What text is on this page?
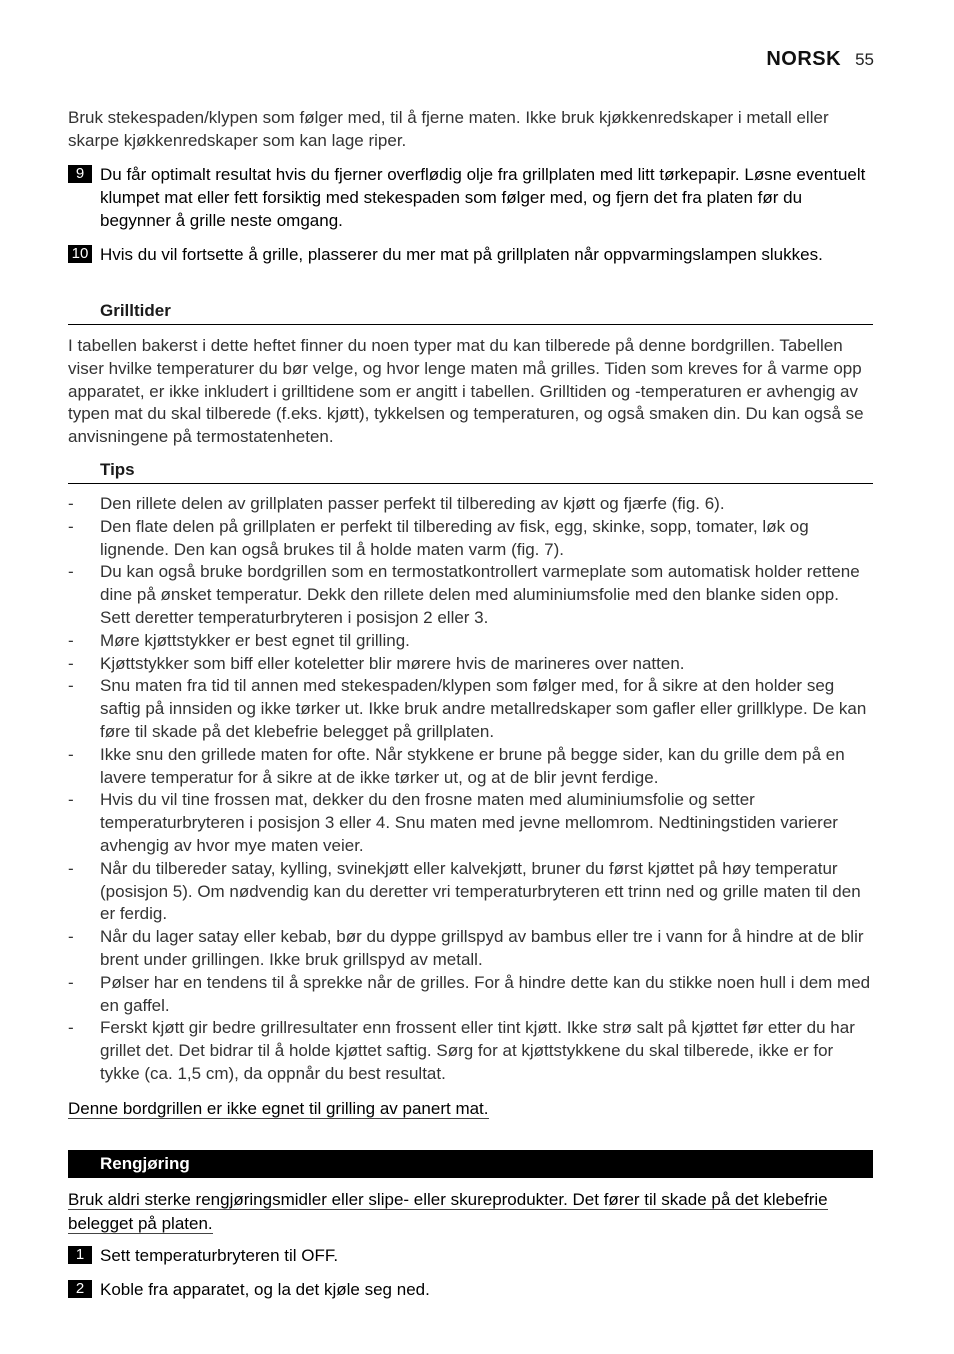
NORSK 55

Bruk stekespaden/klypen som følger med, til å fjerne maten. Ikke bruk kjøkkenredskaper i metall eller skarpe kjøkkenredskaper som kan lage riper.

9 Du får optimalt resultat hvis du fjerner overflødig olje fra grillplaten med litt tørkepapir. Løsne eventuelt klumpet mat eller fett forsiktig med stekespaden som følger med, og fjern det fra platen før du begynner å grille neste omgang.
10 Hvis du vil fortsette å grille, plasserer du mer mat på grillplaten når oppvarmingslampen slukkes.
Grilltider

I tabellen bakerst i dette heftet finner du noen typer mat du kan tilberede på denne bordgrillen. Tabellen viser hvilke temperaturer du bør velge, og hvor lenge maten må grilles. Tiden som kreves for å varme opp apparatet, er ikke inkludert i grilltidene som er angitt i tabellen. Grilltiden og -temperaturen er avhengig av typen mat du skal tilberede (f.eks. kjøtt), tykkelsen og temperaturen, og også smaken din. Du kan også se anvisningene på termostatenheten.

Tips
- Den rillete delen av grillplaten passer perfekt til tilbereding av kjøtt og fjærfe (fig. 6).
- Den flate delen på grillplaten er perfekt til tilbereding av fisk, egg, skinke, sopp, tomater, løk og lignende. Den kan også brukes til å holde maten varm (fig. 7).
- Du kan også bruke bordgrillen som en termostatkontrollert varmeplate som automatisk holder rettene dine på ønsket temperatur. Dekk den rillete delen med aluminiumsfolie med den blanke siden opp. Sett deretter temperaturbryteren i posisjon 2 eller 3.
- Møre kjøttstykker er best egnet til grilling.
- Kjøttstykker som biff eller koteletter blir mørere hvis de marineres over natten.
- Snu maten fra tid til annen med stekespaden/klypen som følger med, for å sikre at den holder seg saftig på innsiden og ikke tørker ut. Ikke bruk andre metallredskaper som gafler eller grillklype. De kan føre til skade på det klebefrie belegget på grillplaten.
- Ikke snu den grillede maten for ofte. Når stykkene er brune på begge sider, kan du grille dem på en lavere temperatur for å sikre at de ikke tørker ut, og at de blir jevnt ferdige.
- Hvis du vil tine frossen mat, dekker du den frosne maten med aluminiumsfolie og setter temperaturbryteren i posisjon 3 eller 4. Snu maten med jevne mellomrom. Nedtiningstiden varierer avhengig av hvor mye maten veier.
- Når du tilbereder satay, kylling, svinekjøtt eller kalvekjøtt, bruner du først kjøttet på høy temperatur (posisjon 5). Om nødvendig kan du deretter vri temperaturbryteren ett trinn ned og grille maten til den er ferdig.
- Når du lager satay eller kebab, bør du dyppe grillspyd av bambus eller tre i vann for å hindre at de blir brent under grillingen. Ikke bruk grillspyd av metall.
- Pølser har en tendens til å sprekke når de grilles. For å hindre dette kan du stikke noen hull i dem med en gaffel.
- Ferskt kjøtt gir bedre grillresultater enn frossent eller tint kjøtt. Ikke strø salt på kjøttet før etter du har grillet det. Det bidrar til å holde kjøttet saftig. Sørg for at kjøttstykkene du skal tilberede, ikke er for tykke (ca. 1,5 cm), da oppnår du best resultat.
Denne bordgrillen er ikke egnet til grilling av panert mat.
Rengjøring
Bruk aldri sterke rengjøringsmidler eller slipe- eller skureprodukter. Det fører til skade på det klebefrie belegget på platen.
1 Sett temperaturbryteren til OFF.
2 Koble fra apparatet, og la det kjøle seg ned.
